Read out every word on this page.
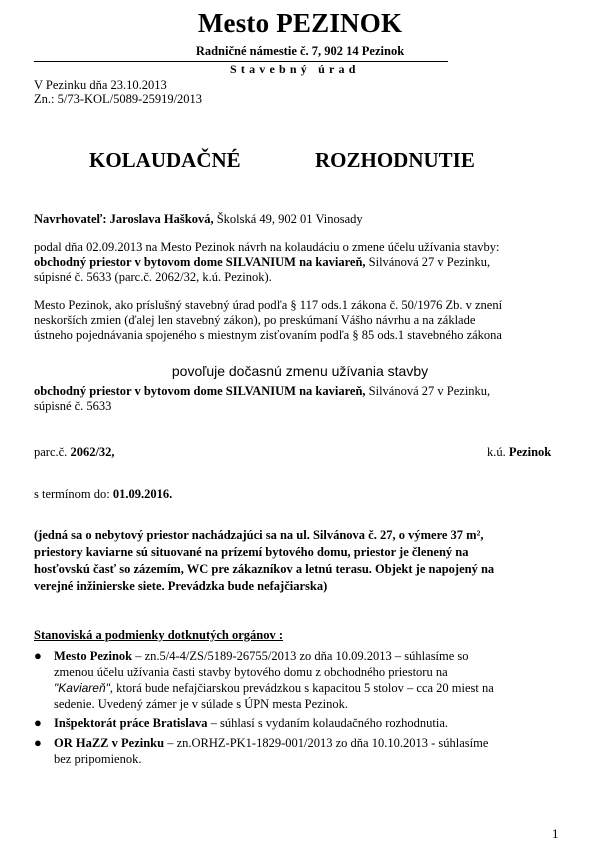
Mesto PEZINOK
Radničné námestie č. 7, 902 14 Pezinok
Stavebný úrad
V Pezinku dňa 23.10.2013
Zn.: 5/73-KOL/5089-25919/2013
KOLAUDAČNÉ	ROZHODNUTIE
Navrhovateľ: Jaroslava Hašková, Školská 49, 902 01 Vinosady

podal dňa 02.09.2013 na Mesto Pezinok návrh na kolaudáciu o zmene účelu užívania stavby:

obchodný priestor v bytovom dome SILVANIUM na kaviareň, Silvánová 27 v Pezinku,

súpisné č. 5633 (parc.č. 2062/32, k.ú. Pezinok).

Mesto Pezinok, ako príslušný stavebný úrad podľa § 117 ods.1 zákona č. 50/1976 Zb. v znení

neskorších zmien (ďalej len stavebný zákon), po preskúmaní Vášho návrhu a na základe

ústneho pojednávania spojeného s miestnym zisťovaním podľa § 85 ods.1 stavebného zákona

povoľuje dočasnú zmenu užívania stavby

obchodný priestor v bytovom dome SILVANIUM na kaviareň, Silvánová 27 v Pezinku,

súpisné č. 5633

parc.č. 2062/32,	k.ú. Pezinok
s termínom do: 01.09.2016.

(jedná sa o nebytový priestor nachádzajúci sa na ul. Silvánova č. 27, o výmere 37 m²,

priestory kaviarne sú situované na prízemí bytového domu, priestor je členený na

hosťovskú časť so zázemím, WC pre zákazníkov a letnú terasu. Objekt je napojený na

verejné inžinierske siete. Prevádzka bude nefajčiarska)

Stanoviská a podmienky dotknutých orgánov :
● Mesto Pezinok – zn.5/4-4/ZS/5189-26755/2013 zo dňa 10.09.2013 – súhlasíme so

zmenou účelu užívania časti stavby bytového domu z obchodného priestoru na

"Kaviareň", ktorá bude nefajčiarskou prevádzkou s kapacitou 5 stolov – cca 20 miest na

sedenie. Uvedený zámer je v súlade s ÚPN mesta Pezinok.

● Inšpektorát práce Bratislava – súhlasí s vydaním kolaudačného rozhodnutia.

● OR HaZZ v Pezinku – zn.ORHZ-PK1-1829-001/2013 zo dňa 10.10.2013 - súhlasíme

bez pripomienok.

1
